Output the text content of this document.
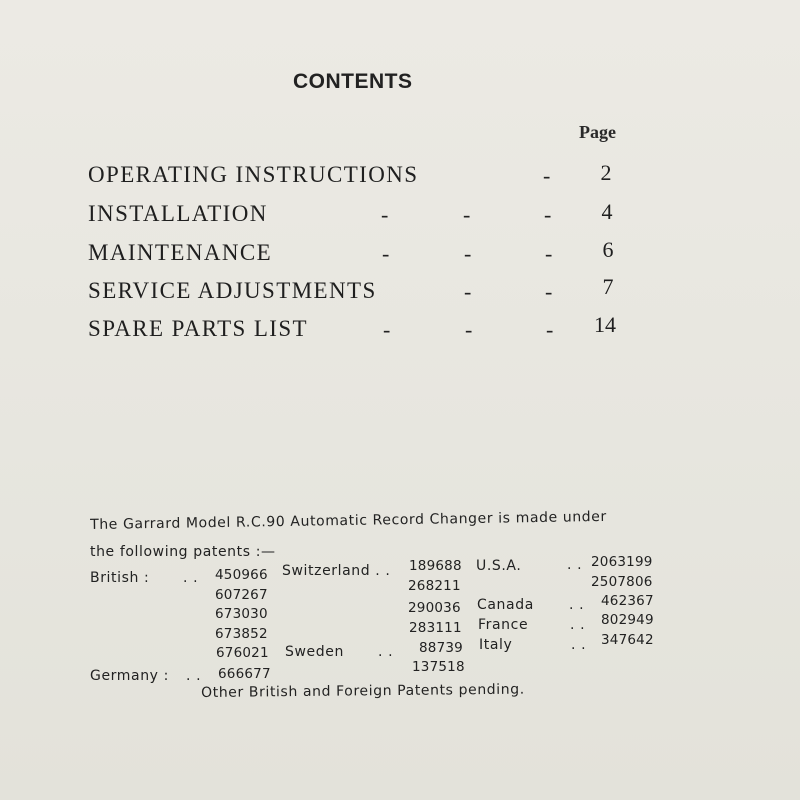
CONTENTS
Page
OPERATING INSTRUCTIONS	-	2
INSTALLATION	-	-	-	4
MAINTENANCE	-	-	-	6
SERVICE ADJUSTMENTS	-	-	7
SPARE PARTS LIST	-	-	-	14
The Garrard Model R.C.90 Automatic Record Changer is made under
the following patents :—
British : . . 450966
607267
673030
673852
676021
Switzerland . . 189688
268211
290036
283111
Sweden . . 88739
137518
Germany : . . 666677
U.S.A.	. . 2063199
2507806
Canada	. . 462367
France	. . 802949
Italy	. . 347642
Other British and Foreign Patents pending.
